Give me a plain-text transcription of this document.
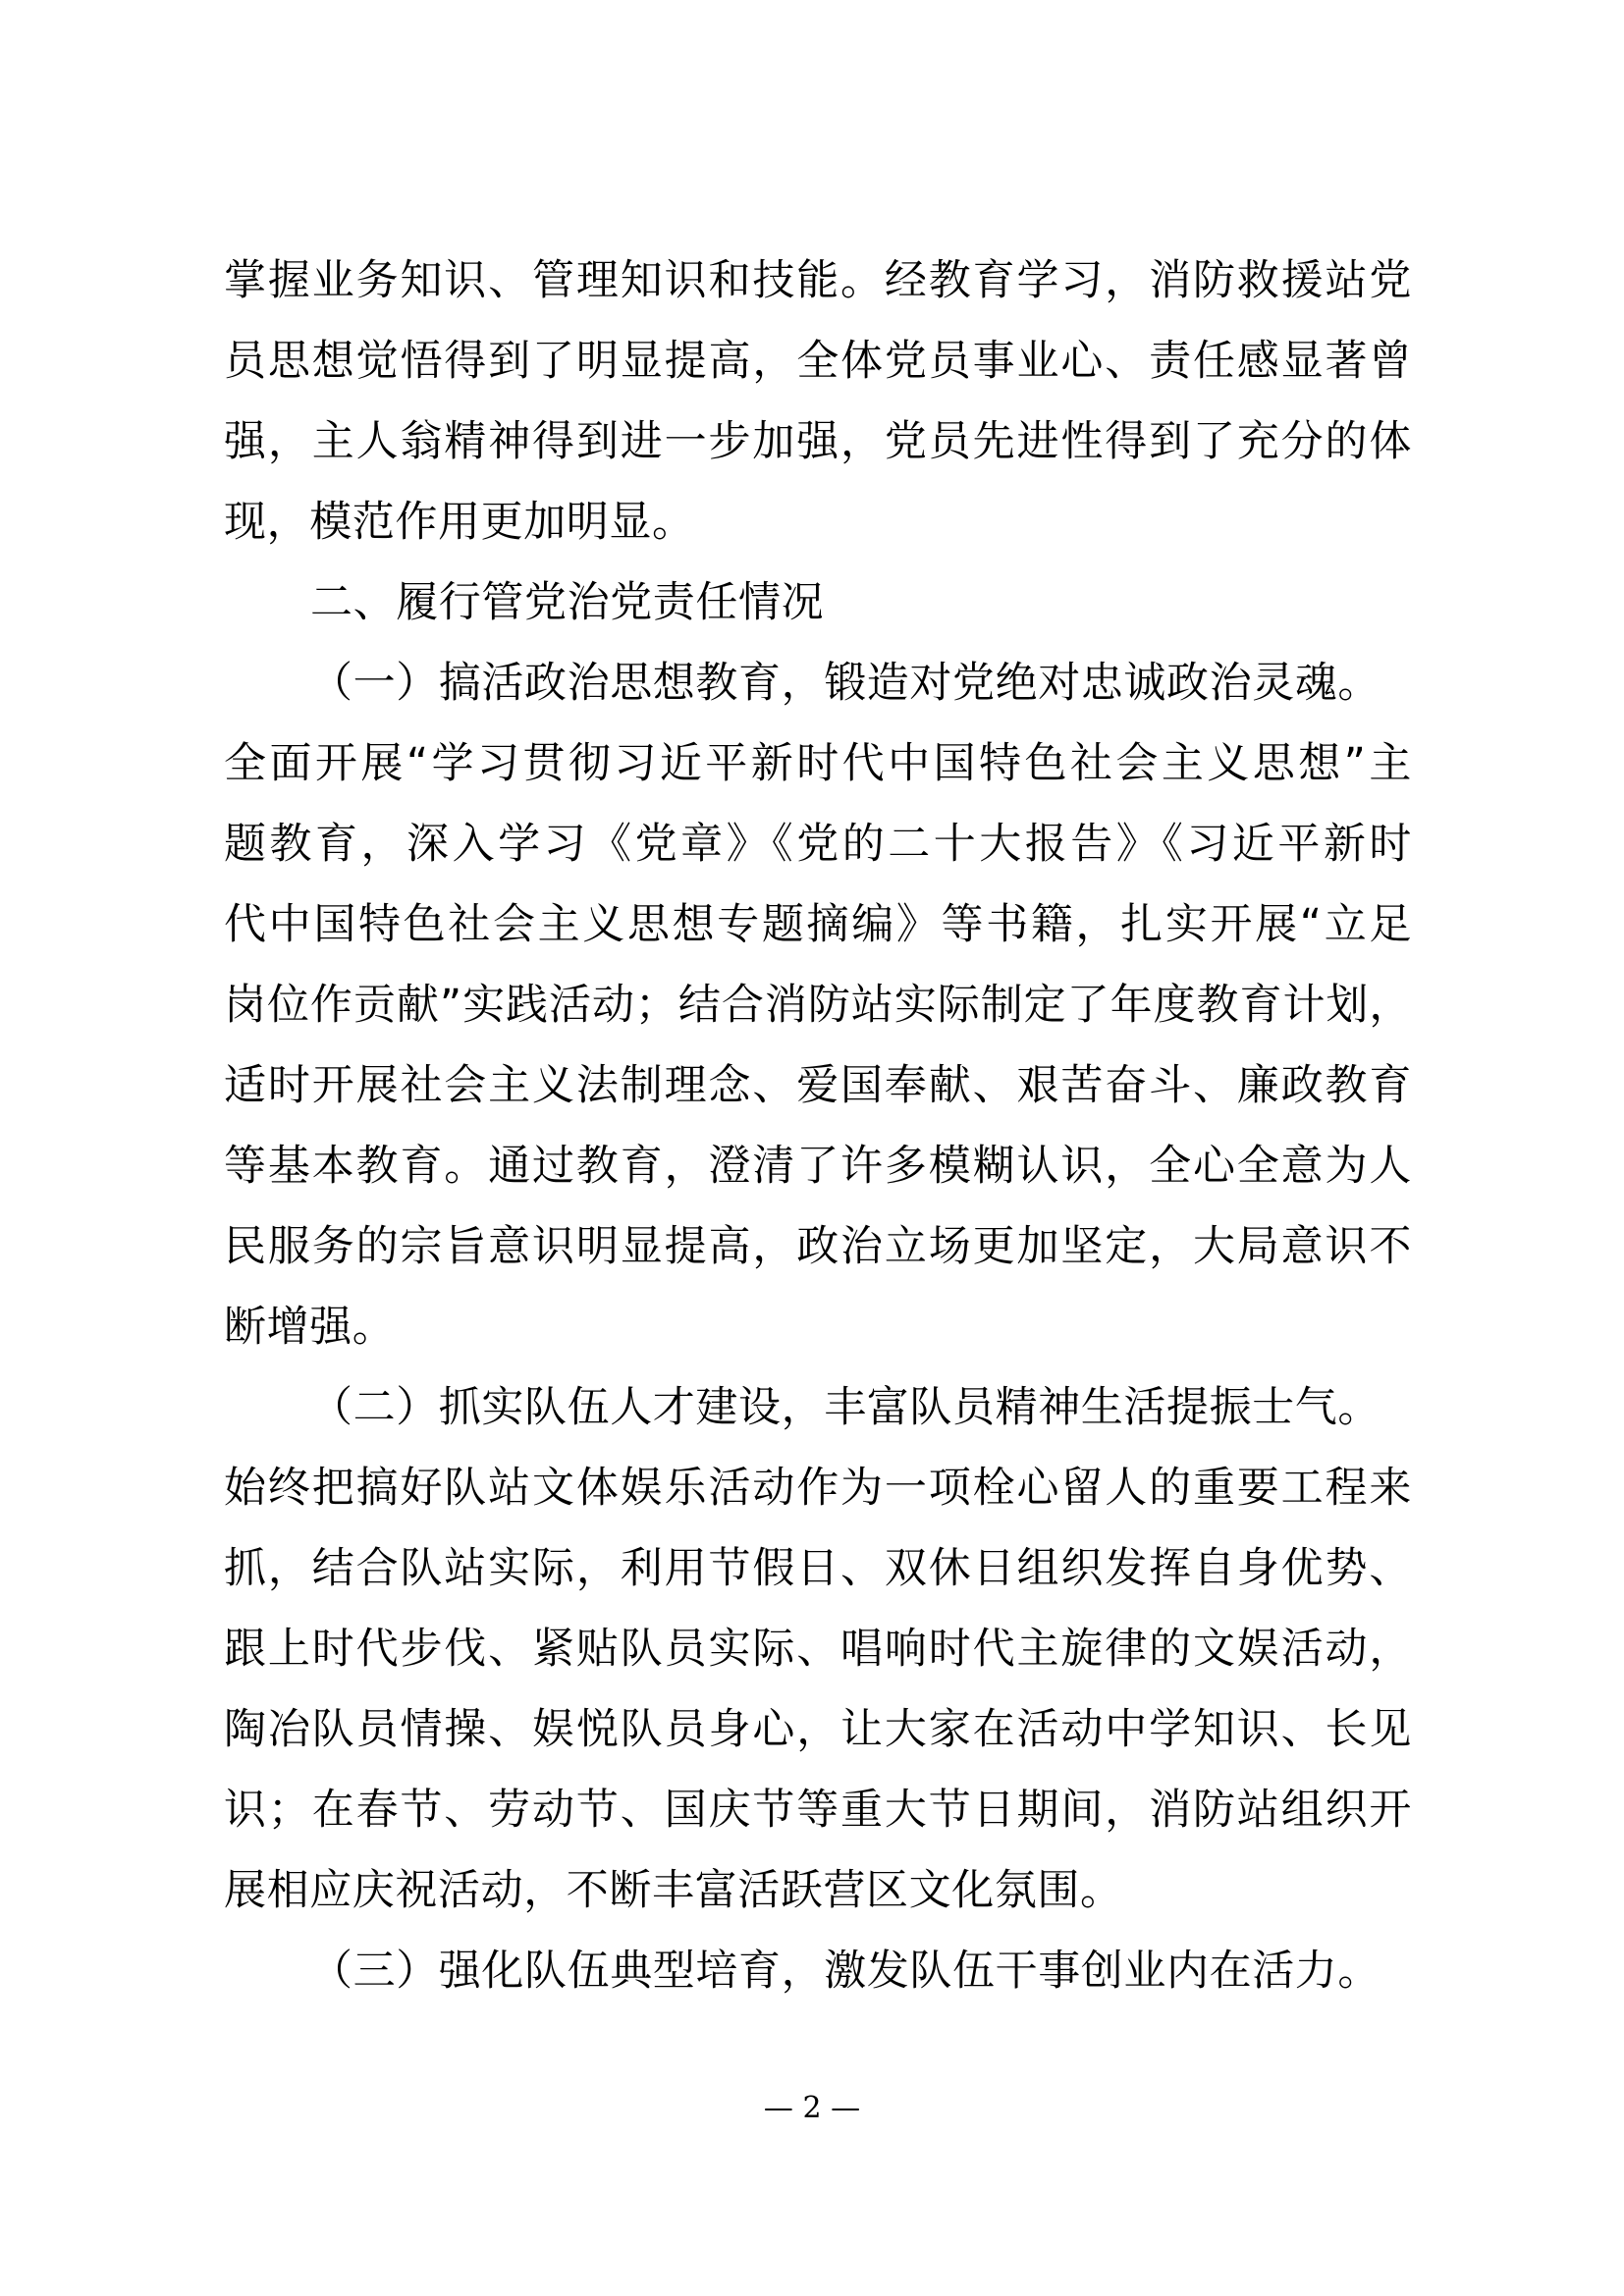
掌握业务知识、管理知识和技能。经教育学习，消防救援站党
员思想觉悟得到了明显提高，全体党员事业心、责任感显著曾
强，主人翁精神得到进一步加强，党员先进性得到了充分的体
现，模范作用更加明显。
二、履行管党治党责任情况
（一）搞活政治思想教育，锻造对党绝对忠诚政治灵魂。
全面开展“学习贯彻习近平新时代中国特色社会主义思想”主
题教育，深入学习《党章》《党的二十大报告》《习近平新时
代中国特色社会主义思想专题摘编》等书籍，扎实开展“立足
岗位作贡献”实践活动；结合消防站实际制定了年度教育计划，
适时开展社会主义法制理念、爱国奉献、艰苦奋斗、廉政教育
等基本教育。通过教育，澄清了许多模糊认识，全心全意为人
民服务的宗旨意识明显提高，政治立场更加坚定，大局意识不
断增强。
（二）抓实队伍人才建设，丰富队员精神生活提振士气。
始终把搞好队站文体娱乐活动作为一项栓心留人的重要工程来
抓，结合队站实际，利用节假日、双休日组织发挥自身优势、
跟上时代步伐、紧贴队员实际、唱响时代主旋律的文娱活动，
陶冶队员情操、娱悦队员身心，让大家在活动中学知识、长见
识；在春节、劳动节、国庆节等重大节日期间，消防站组织开
展相应庆祝活动，不断丰富活跃营区文化氛围。
（三）强化队伍典型培育，激发队伍干事创业内在活力。
— 2 —
